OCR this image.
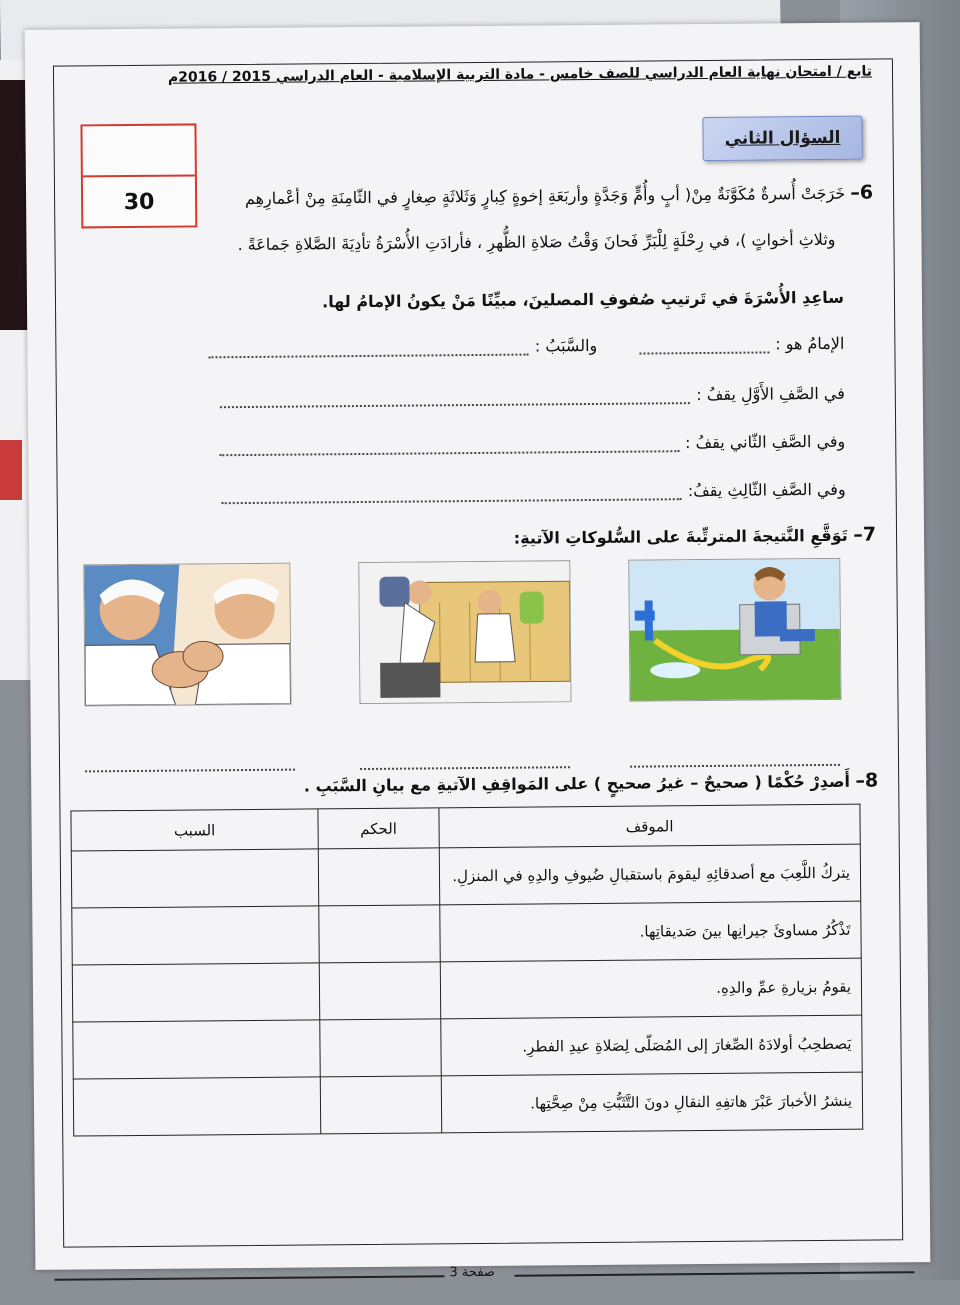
تابع / امتحان نهاية العام الدراسي للصف خامس - مادة التربية الإسلامية - العام الدراسي 2015 / 2016م
السؤال الثاني
30	6– خَرَجَتْ أُسرةٌ مُكَوَّنَةٌ مِنْ( أبٍ وأُمٍّ وَجَدَّةٍ وأربَعَةِ إخوةٍ كِبارٍ وَثَلاثَةٍ صِغارٍ في الثّامِنَةِ مِنْ أعْمارِهِم
وثلاثِ أخواتٍ )، في رِحْلَةٍ لِلْبَرِّ فَحانَ وَقْتُ صَلاةِ الظُّهرِ ، فأرادَتِ الأُسْرَةُ تأدِيَةَ الصَّلاةِ جَماعَةً .
ساعِدِ الأُسْرَةَ في تَرتيبِ صُفوفِ المصلينَ، مبيِّنًا مَنْ يكونُ الإمامُ لها.
الإمامُ هو :
والسَّبَبُ :
في الصَّفِ الأَوَّلِ يقفُ :
وفي الصَّفِ الثّاني يقفُ :
وفي الصَّفِ الثّالِثِ يقفُ:
7– تَوَقَّعِ النَّتيجةَ المترتِّبةَ على السُّلوكاتِ الآتيةِ:
8– أَصدِرْ حُكْمًا ( صحيحٌ – غيرُ صحيحٍ ) على المَواقِفِ الآتيةِ مع بيانِ السَّبَبِ .
الموقف	الحكم	السبب
يتركُ اللَّعِبَ مع أصدقائِهِ ليقومَ باستقبالِ ضُيوفِ والدِهِ في المنزلِ.		
تَذْكُرُ مساوئَ جيرانِها بينَ صَديقاتِها.		
يقومُ بزيارةِ عمِّ والدِهِ.		
يَصطحِبُ أولادَهُ الصِّغارَ إلى المُصَلّى لِصَلاةِ عيدِ الفطرِ.		
ينشرُ الأخبارَ عَبْرَ هاتفِهِ النقالِ دونَ التَّثَبُّتِ مِنْ صِحَّتِها.		
صفحة 3
